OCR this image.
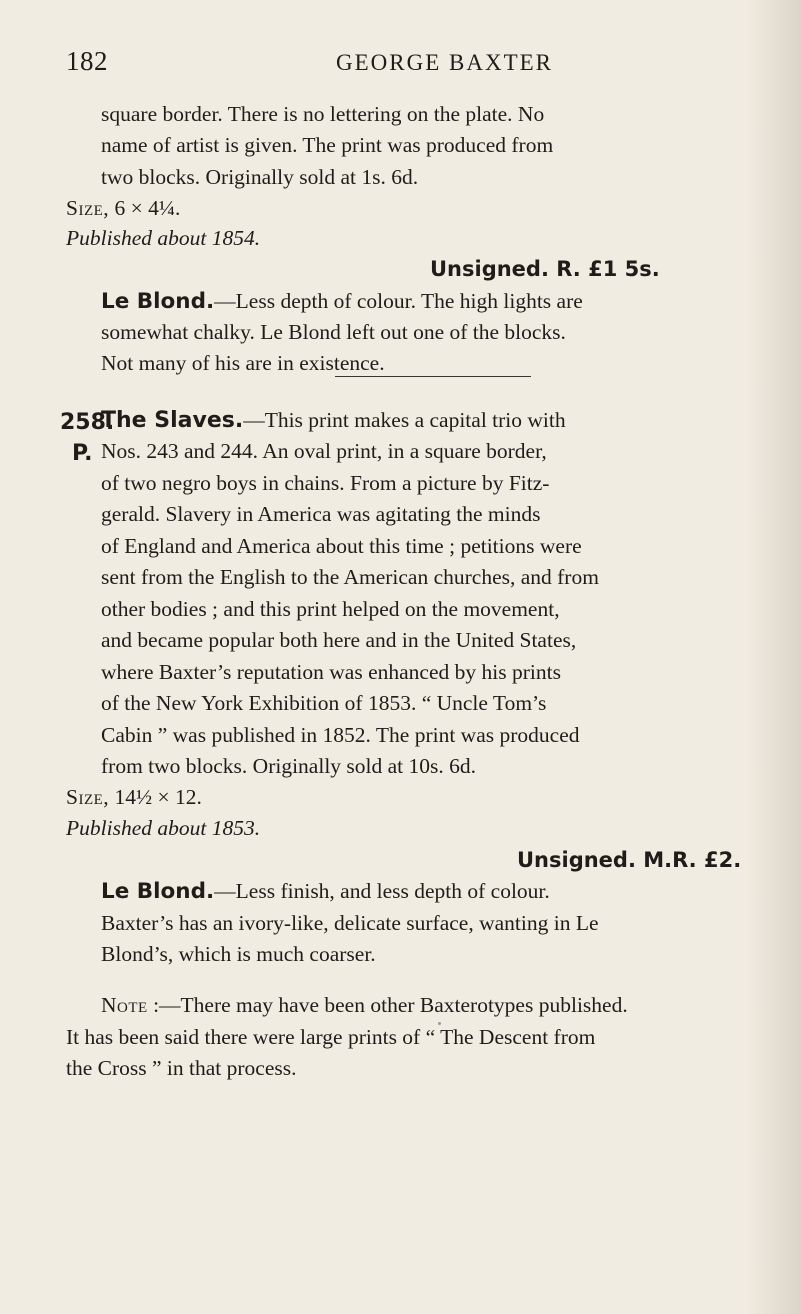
182	GEORGE BAXTER
square border. There is no lettering on the plate. No
name of artist is given. The print was produced from
two blocks. Originally sold at 1s. 6d.
Size, 6 × 4¼.
Published about 1854.
Unsigned. R. £1 5s.
Le Blond.—Less depth of colour. The high lights are
somewhat chalky. Le Blond left out one of the blocks.
Not many of his are in existence.
258.
P.
The Slaves.—This print makes a capital trio with
Nos. 243 and 244. An oval print, in a square border,
of two negro boys in chains. From a picture by Fitz-
gerald. Slavery in America was agitating the minds
of England and America about this time ; petitions were
sent from the English to the American churches, and from
other bodies ; and this print helped on the movement,
and became popular both here and in the United States,
where Baxter’s reputation was enhanced by his prints
of the New York Exhibition of 1853. “ Uncle Tom’s
Cabin ” was published in 1852. The print was produced
from two blocks. Originally sold at 10s. 6d.
Size, 14½ × 12.
Published about 1853.
Unsigned. M.R. £2.
Le Blond.—Less finish, and less depth of colour.
Baxter’s has an ivory-like, delicate surface, wanting in Le
Blond’s, which is much coarser.
Note :—There may have been other Baxterotypes published.
It has been said there were large prints of “ The Descent from
the Cross ” in that process.
